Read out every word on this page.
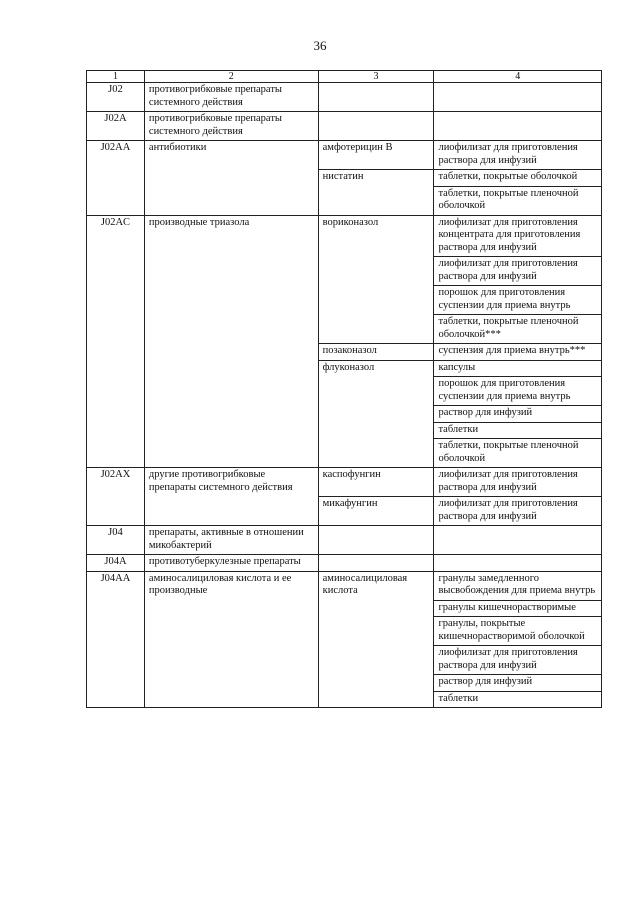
36
1	2	3	4
J02	противогрибковые препараты системного действия		
J02A	противогрибковые препараты системного действия		
J02AA	антибиотики	амфотерицин B	лиофилизат для приготовления раствора для инфузий
		нистатин	таблетки, покрытые оболочкой
			таблетки, покрытые пленочной оболочкой
J02AC	производные триазола	вориконазол	лиофилизат для приготовления концентрата для приготовления раствора для инфузий
			лиофилизат для приготовления раствора для инфузий
			порошок для приготовления суспензии для приема внутрь
			таблетки, покрытые пленочной оболочкой***
		позаконазол	суспензия для приема внутрь***
		флуконазол	капсулы
			порошок для приготовления суспензии для приема внутрь
			раствор для инфузий
			таблетки
			таблетки, покрытые пленочной оболочкой
J02AX	другие противогрибковые препараты системного действия	каспофунгин	лиофилизат для приготовления раствора для инфузий
		микафунгин	лиофилизат для приготовления раствора для инфузий
J04	препараты, активные в отношении микобактерий		
J04A	противотуберкулезные препараты		
J04AA	аминосалициловая кислота и ее производные	аминосалициловая кислота	гранулы замедленного высвобождения для приема внутрь
			гранулы кишечнорастворимые
			гранулы, покрытые кишечнорастворимой оболочкой
			лиофилизат для приготовления раствора для инфузий
			раствор для инфузий
			таблетки
